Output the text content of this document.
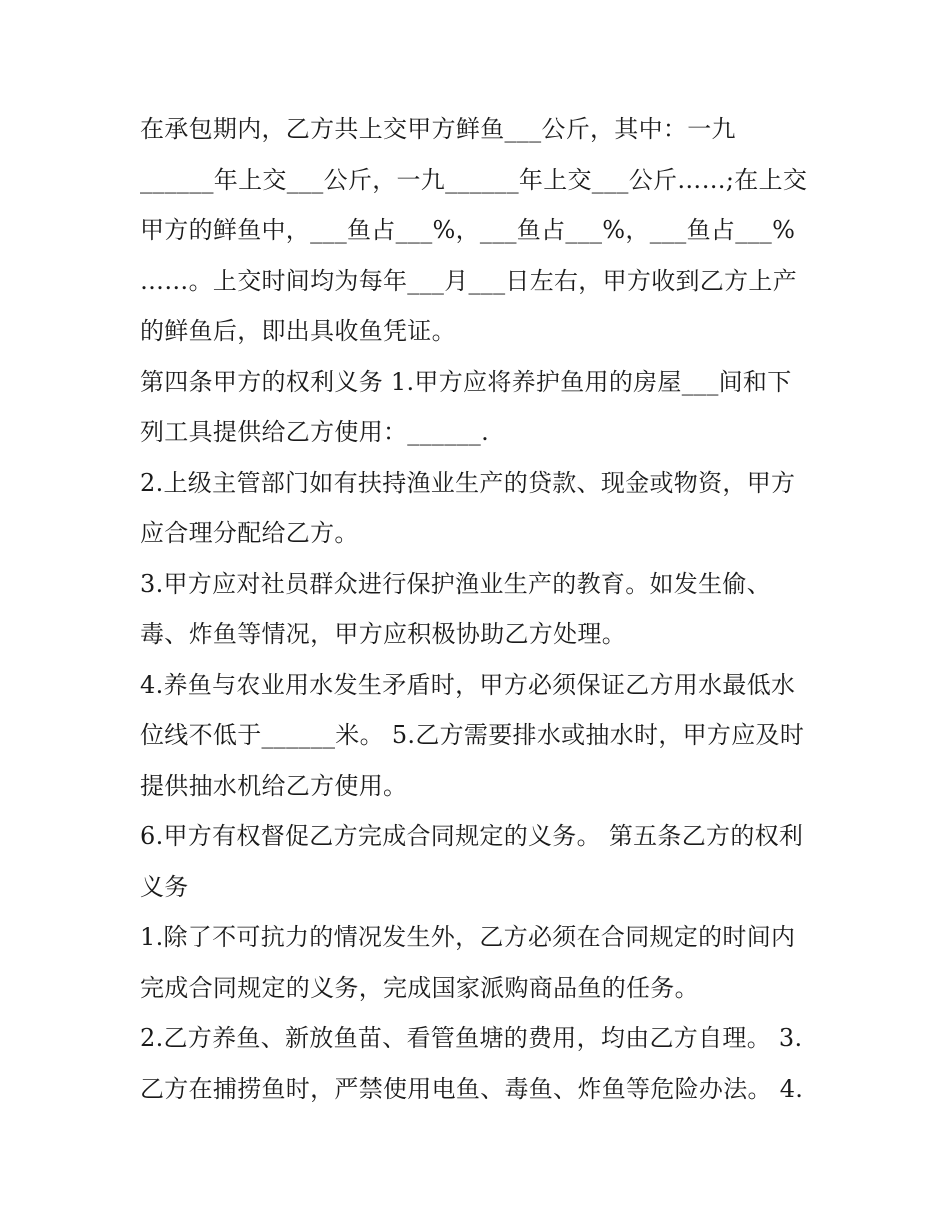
在承包期内，乙方共上交甲方鲜鱼___公斤，其中：一九
______年上交___公斤，一九______年上交___公斤……;在上交
甲方的鲜鱼中，___鱼占___%，___鱼占___%，___鱼占___%
……。上交时间均为每年___月___日左右，甲方收到乙方上产
的鲜鱼后，即出具收鱼凭证。
第四条甲方的权利义务 1.甲方应将养护鱼用的房屋___间和下
列工具提供给乙方使用：______.
2.上级主管部门如有扶持渔业生产的贷款、现金或物资，甲方
应合理分配给乙方。
3.甲方应对社员群众进行保护渔业生产的教育。如发生偷、
毒、炸鱼等情况，甲方应积极协助乙方处理。
4.养鱼与农业用水发生矛盾时，甲方必须保证乙方用水最低水
位线不低于______米。 5.乙方需要排水或抽水时，甲方应及时
提供抽水机给乙方使用。
6.甲方有权督促乙方完成合同规定的义务。 第五条乙方的权利
义务
1.除了不可抗力的情况发生外，乙方必须在合同规定的时间内
完成合同规定的义务，完成国家派购商品鱼的任务。
2.乙方养鱼、新放鱼苗、看管鱼塘的费用，均由乙方自理。 3.
乙方在捕捞鱼时，严禁使用电鱼、毒鱼、炸鱼等危险办法。 4.
